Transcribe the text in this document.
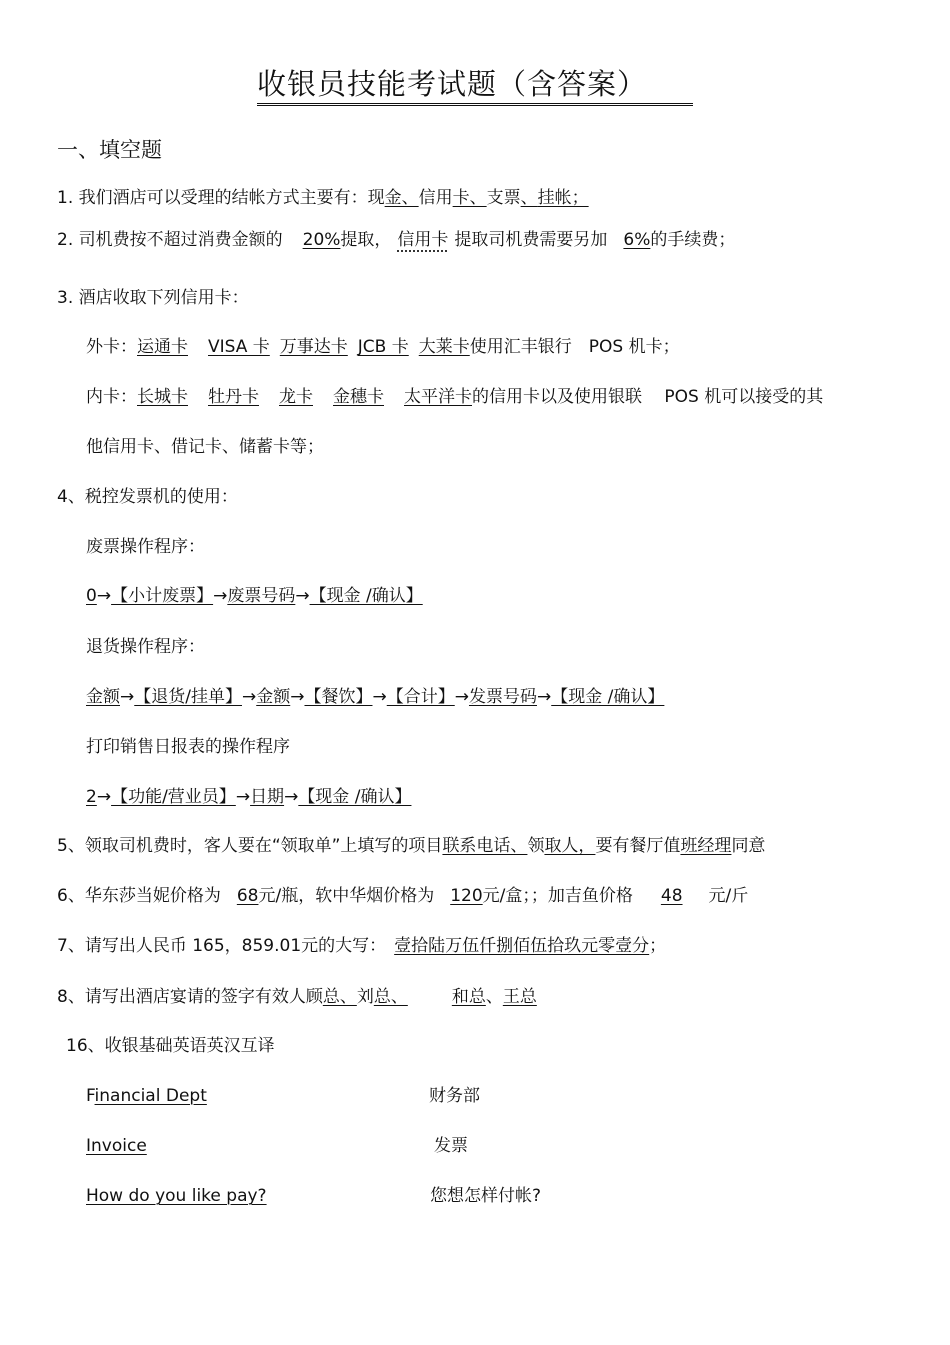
收银员技能考试题（含答案）
一、填空题
1. 我们酒店可以受理的结帐方式主要有：现金、信用卡、支票、挂帐；
2. 司机费按不超过消费金额的 20%提取， 信用卡 提取司机费需要另加 6%的手续费；
3. 酒店收取下列信用卡：
外卡：运通卡 VISA 卡 万事达卡 JCB 卡 大莱卡使用汇丰银行　POS 机卡；
内卡：长城卡 牡丹卡 龙卡 金穗卡 太平洋卡的信用卡以及使用银联　 POS 机可以接受的其
他信用卡、借记卡、储蓄卡等；
4、税控发票机的使用：
废票操作程序：
0→【小计废票】→废票号码→【现金 /确认】
退货操作程序：
金额→【退货/挂单】→金额→【餐饮】→【合计】→发票号码→【现金 /确认】
打印销售日报表的操作程序
2→【功能/营业员】→日期→【现金 /确认】
5、领取司机费时，客人要在“领取单”上填写的项目联系电话、领取人，要有餐厅值班经理同意
6、华东莎当妮价格为 68元/瓶，软中华烟价格为 120元/盒；；加吉鱼价格 48 元/斤
7、请写出人民币 165，859.01元的大写： 壹拾陆万伍仟捌佰伍拾玖元零壹分；
8、请写出酒店宴请的签字有效人顾总、刘总、	和总、王总
16、收银基础英语英汉互译
Financial Dept	财务部
Invoice	发票
How do you like pay?	您想怎样付帐?
